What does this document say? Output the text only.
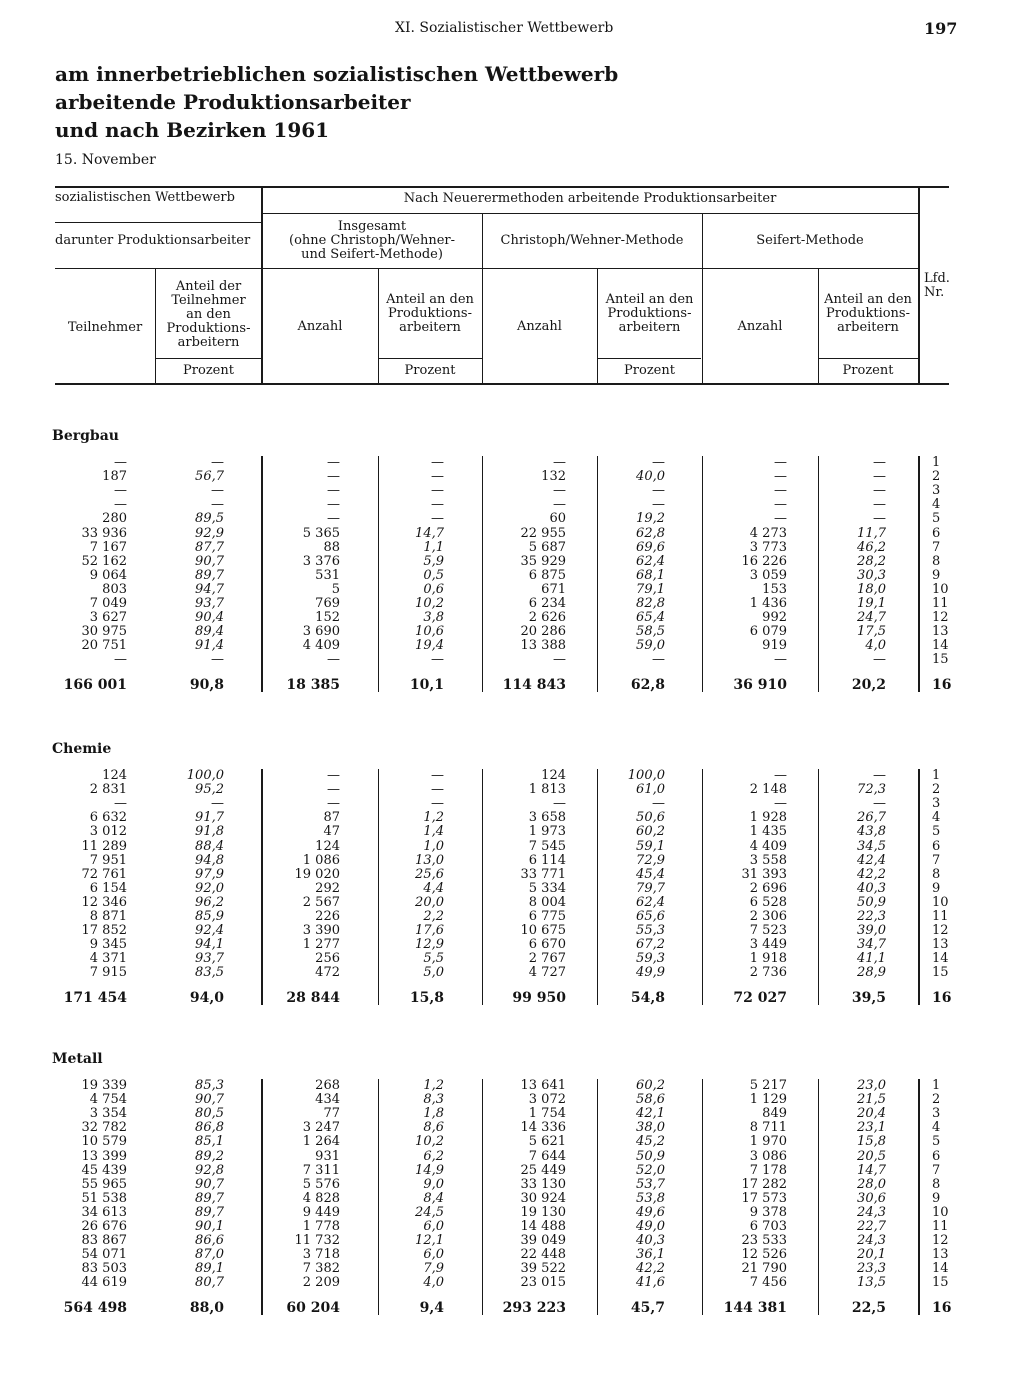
XI. Sozialistischer Wettbewerb	197
am innerbetrieblichen sozialistischen Wettbewerb
arbeitende Produktionsarbeiter
und nach Bezirken 1961
15. November
sozialistischen Wettbewerb
darunter Produktionsarbeiter
Nach Neuerermethoden arbeitende Produktionsarbeiter
Insgesamt
(ohne Christoph/Wehner-
und Seifert-Methode)
Christoph/Wehner-Methode	Seifert-Methode
Teilnehmer
Anteil der
Teilnehmer
an den
Produktions-
arbeitern
Anzahl
Anteil an den
Produktions-
arbeitern	Anzahl
Anteil an den
Produktions-
arbeitern	Anzahl
Anteil an den
Produktions-
arbeitern
Prozent	Prozent	Prozent	Prozent
Lfd.
Nr.
Bergbau
Chemie
Metall
—	—	—	—	—	—	—	—	1
187	56,7	—	—	132	40,0	—	—	2
—	—	—	—	—	—	—	—	3
—	—	—	—	—	—	—	—	4
280	89,5	—	—	60	19,2	—	—	5
33 936	92,9	5 365	14,7	22 955	62,8	4 273	11,7	6
7 167	87,7	88	1,1	5 687	69,6	3 773	46,2	7
52 162	90,7	3 376	5,9	35 929	62,4	16 226	28,2	8
9 064	89,7	531	0,5	6 875	68,1	3 059	30,3	9
803	94,7	5	0,6	671	79,1	153	18,0	10
7 049	93,7	769	10,2	6 234	82,8	1 436	19,1	11
3 627	90,4	152	3,8	2 626	65,4	992	24,7	12
30 975	89,4	3 690	10,6	20 286	58,5	6 079	17,5	13
20 751	91,4	4 409	19,4	13 388	59,0	919	4,0	14
—	—	—	—	—	—	—	—	15
166 001	90,8	18 385	10,1	114 843	62,8	36 910	20,2	16
124	100,0	—	—	124	100,0	—	—	1
2 831	95,2	—	—	1 813	61,0	2 148	72,3	2
—	—	—	—	—	—	—	—	3
6 632	91,7	87	1,2	3 658	50,6	1 928	26,7	4
3 012	91,8	47	1,4	1 973	60,2	1 435	43,8	5
11 289	88,4	124	1,0	7 545	59,1	4 409	34,5	6
7 951	94,8	1 086	13,0	6 114	72,9	3 558	42,4	7
72 761	97,9	19 020	25,6	33 771	45,4	31 393	42,2	8
6 154	92,0	292	4,4	5 334	79,7	2 696	40,3	9
12 346	96,2	2 567	20,0	8 004	62,4	6 528	50,9	10
8 871	85,9	226	2,2	6 775	65,6	2 306	22,3	11
17 852	92,4	3 390	17,6	10 675	55,3	7 523	39,0	12
9 345	94,1	1 277	12,9	6 670	67,2	3 449	34,7	13
4 371	93,7	256	5,5	2 767	59,3	1 918	41,1	14
7 915	83,5	472	5,0	4 727	49,9	2 736	28,9	15
171 454	94,0	28 844	15,8	99 950	54,8	72 027	39,5	16
19 339	85,3	268	1,2	13 641	60,2	5 217	23,0	1
4 754	90,7	434	8,3	3 072	58,6	1 129	21,5	2
3 354	80,5	77	1,8	1 754	42,1	849	20,4	3
32 782	86,8	3 247	8,6	14 336	38,0	8 711	23,1	4
10 579	85,1	1 264	10,2	5 621	45,2	1 970	15,8	5
13 399	89,2	931	6,2	7 644	50,9	3 086	20,5	6
45 439	92,8	7 311	14,9	25 449	52,0	7 178	14,7	7
55 965	90,7	5 576	9,0	33 130	53,7	17 282	28,0	8
51 538	89,7	4 828	8,4	30 924	53,8	17 573	30,6	9
34 613	89,7	9 449	24,5	19 130	49,6	9 378	24,3	10
26 676	90,1	1 778	6,0	14 488	49,0	6 703	22,7	11
83 867	86,6	11 732	12,1	39 049	40,3	23 533	24,3	12
54 071	87,0	3 718	6,0	22 448	36,1	12 526	20,1	13
83 503	89,1	7 382	7,9	39 522	42,2	21 790	23,3	14
44 619	80,7	2 209	4,0	23 015	41,6	7 456	13,5	15
564 498	88,0	60 204	9,4	293 223	45,7	144 381	22,5	16
